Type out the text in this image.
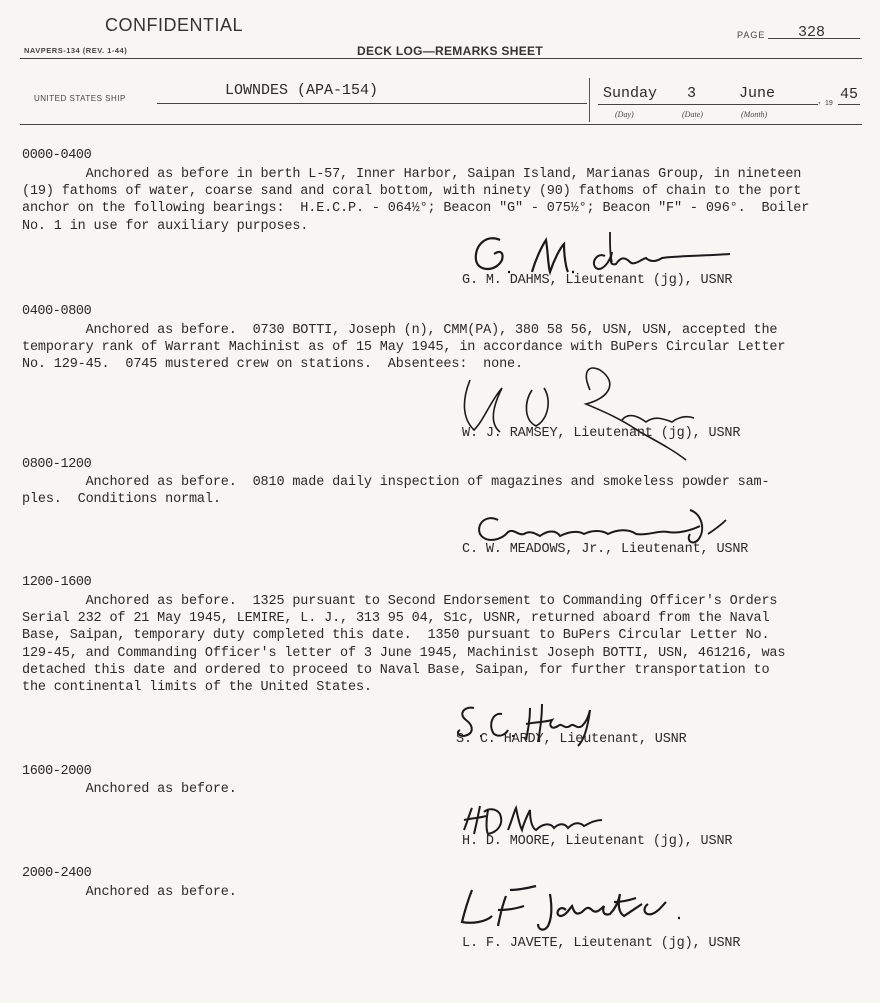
CONFIDENTIAL	PAGE 328
NAVPERS-134 (REV. 1-44)	DECK LOG—REMARKS SHEET
UNITED STATES SHIP	LOWNDES (APA-154)	Sunday 3	June	, 19
45
(Day)	(Date)	(Month)
0000-0400
Anchored as before in berth L-57, Inner Harbor, Saipan Island, Marianas Group, in nineteen
(19) fathoms of water, coarse sand and coral bottom, with ninety (90) fathoms of chain to the port
anchor on the following bearings:  H.E.C.P. - 064½°; Beacon "G" - 075½°; Beacon "F" - 096°.  Boiler
No. 1 in use for auxiliary purposes.
G. M. DAHMS, Lieutenant (jg), USNR
0400-0800
Anchored as before.  0730 BOTTI, Joseph (n), CMM(PA), 380 58 56, USN, USN, accepted the
temporary rank of Warrant Machinist as of 15 May 1945, in accordance with BuPers Circular Letter
No. 129-45.  0745 mustered crew on stations.  Absentees:  none.
W. J. RAMSEY, Lieutenant (jg), USNR
0800-1200
Anchored as before.  0810 made daily inspection of magazines and smokeless powder sam-
ples.  Conditions normal.
C. W. MEADOWS, Jr., Lieutenant, USNR
1200-1600
Anchored as before.  1325 pursuant to Second Endorsement to Commanding Officer's Orders
Serial 232 of 21 May 1945, LEMIRE, L. J., 313 95 04, S1c, USNR, returned aboard from the Naval
Base, Saipan, temporary duty completed this date.  1350 pursuant to BuPers Circular Letter No.
129-45, and Commanding Officer's letter of 3 June 1945, Machinist Joseph BOTTI, USN, 461216, was
detached this date and ordered to proceed to Naval Base, Saipan, for further transportation to
the continental limits of the United States.
S. C. HARDY, Lieutenant, USNR
1600-2000
Anchored as before.
H. D. MOORE, Lieutenant (jg), USNR
2000-2400
Anchored as before.
L. F. JAVETE, Lieutenant (jg), USNR
